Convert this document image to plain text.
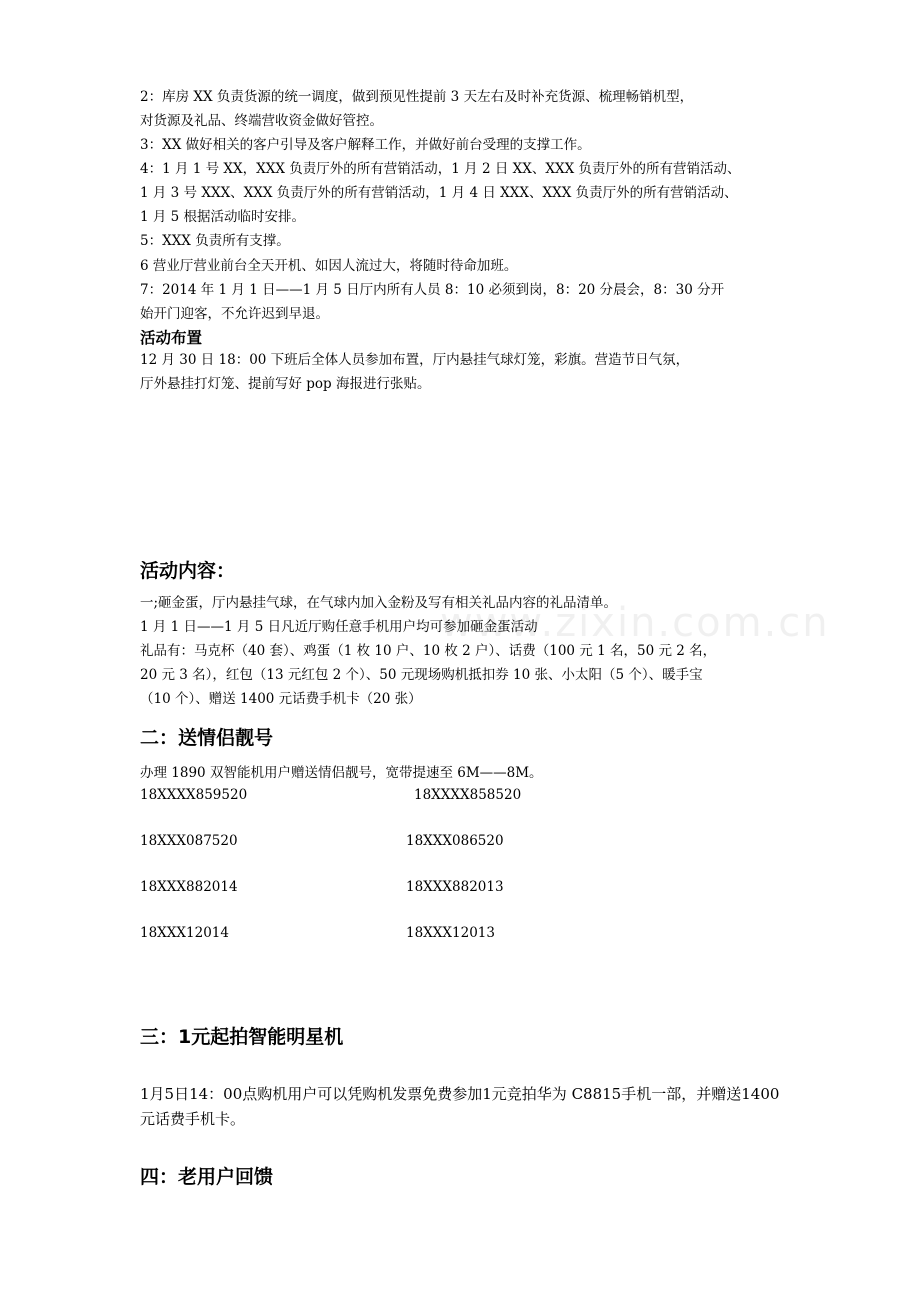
www.zixin.com.cn
2：库房 XX 负责货源的统一调度，做到预见性提前 3 天左右及时补充货源、梳理畅销机型，
对货源及礼品、终端营收资金做好管控。
3：XX 做好相关的客户引导及客户解释工作，并做好前台受理的支撑工作。
4：1 月 1 号 XX，XXX 负责厅外的所有营销活动，1 月 2 日 XX、XXX 负责厅外的所有营销活动、
1 月 3 号 XXX、XXX 负责厅外的所有营销活动，1 月 4 日 XXX、XXX 负责厅外的所有营销活动、
1 月 5 根据活动临时安排。
5：XXX 负责所有支撑。
6 营业厅营业前台全天开机、如因人流过大，将随时待命加班。
7：2014 年 1 月 1 日——1 月 5 日厅内所有人员 8：10 必须到岗，8：20 分晨会，8：30 分开
始开门迎客，不允许迟到早退。
活动布置
12 月 30 日 18：00 下班后全体人员参加布置，厅内悬挂气球灯笼，彩旗。营造节日气氛，
厅外悬挂打灯笼、提前写好 pop 海报进行张贴。
活动内容：
一;砸金蛋，厅内悬挂气球，在气球内加入金粉及写有相关礼品内容的礼品清单。
1 月 1 日——1 月 5 日凡近厅购任意手机用户均可参加砸金蛋活动
礼品有：马克杯（40 套）、鸡蛋（1 枚 10 户、10 枚 2 户）、话费（100 元 1 名，50 元 2 名，
20 元 3 名），红包（13 元红包 2 个）、50 元现场购机抵扣券 10 张、小太阳（5 个）、暖手宝
（10 个）、赠送 1400 元话费手机卡（20 张）
二：送情侣靓号
办理 1890 双智能机用户赠送情侣靓号，宽带提速至 6M——8M。
18XXXX859520	18XXXX858520
18XXX087520	18XXX086520
18XXX882014	18XXX882013
18XXX12014	18XXX12013
三：1元起拍智能明星机
1月5日14：00点购机用户可以凭购机发票免费参加1元竞拍华为 C8815手机一部，并赠送1400元话费手机卡。
四：老用户回馈
